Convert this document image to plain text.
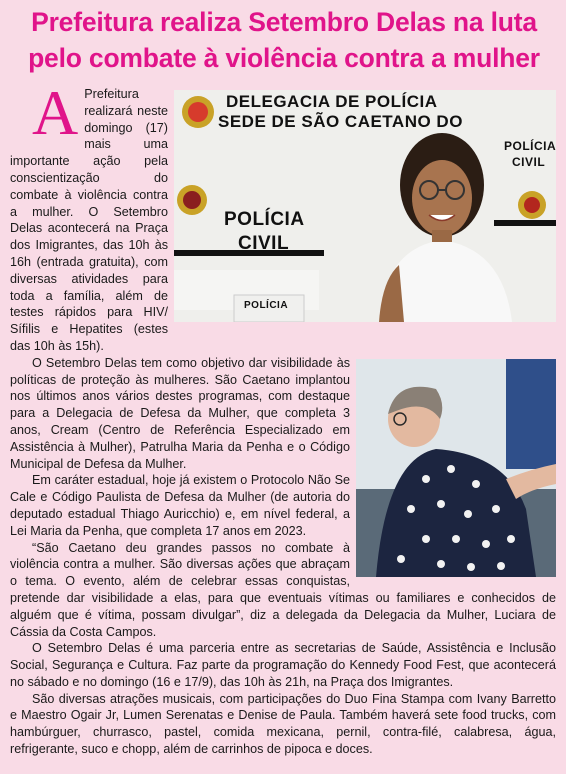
Prefeitura realiza Setembro Delas na luta
pelo combate à violência contra a mulher
DELEGACIA DE POLÍCIA
SEDE DE SÃO CAETANO DO
POLÍCIA
CIVIL
POLÍCIA
CIVIL
POLÍCIA
A Prefeitura realizará neste domingo (17) mais uma importante ação pela conscientização do combate à violência contra a mulher. O Setembro Delas acontecerá na Praça dos Imigrantes, das 10h às 16h (entrada gratuita), com diversas atividades para toda a família, além de testes rápidos para HIV/ Sífilis e Hepatites (estes das 10h às 15h).

O Setembro Delas tem como objetivo dar visibilidade às políticas de proteção às mulheres. São Caetano implantou nos últimos anos vários destes programas, com destaque para a Delegacia de Defesa da Mulher, que completa 3 anos, Cream (Centro de Referência Especializado em Assistência à Mulher), Patrulha Maria da Penha e o Código Municipal de Defesa da Mulher.

Em caráter estadual, hoje já existem o Protocolo Não Se Cale e Código Paulista de Defesa da Mulher (de autoria do deputado estadual Thiago Auricchio) e, em nível federal, a Lei Maria da Penha, que completa 17 anos em 2023.

“São Caetano deu grandes passos no combate à violência contra a mulher. São diversas ações que abraçam o tema. O evento, além de celebrar essas conquistas, pretende dar visibilidade a elas, para que eventuais vítimas ou familiares e conhecidos de alguém que é vítima, possam divulgar”, diz a delegada da Delegacia da Mulher, Luciara de Cássia da Costa Campos.

O Setembro Delas é uma parceria entre as secretarias de Saúde, Assistência e Inclusão Social, Segurança e Cultura. Faz parte da programação do Kennedy Food Fest, que acontecerá no sábado e no domingo (16 e 17/9), das 10h às 21h, na Praça dos Imigrantes.

São diversas atrações musicais, com participações do Duo Fina Stampa com Ivany Barretto e Maestro Ogair Jr, Lumen Serenatas e Denise de Paula. Também haverá sete food trucks, com hambúrguer, churrasco, pastel, comida mexicana, pernil, contra-filé, calabresa, água, refrigerante, suco e chopp, além de carrinhos de pipoca e doces.
